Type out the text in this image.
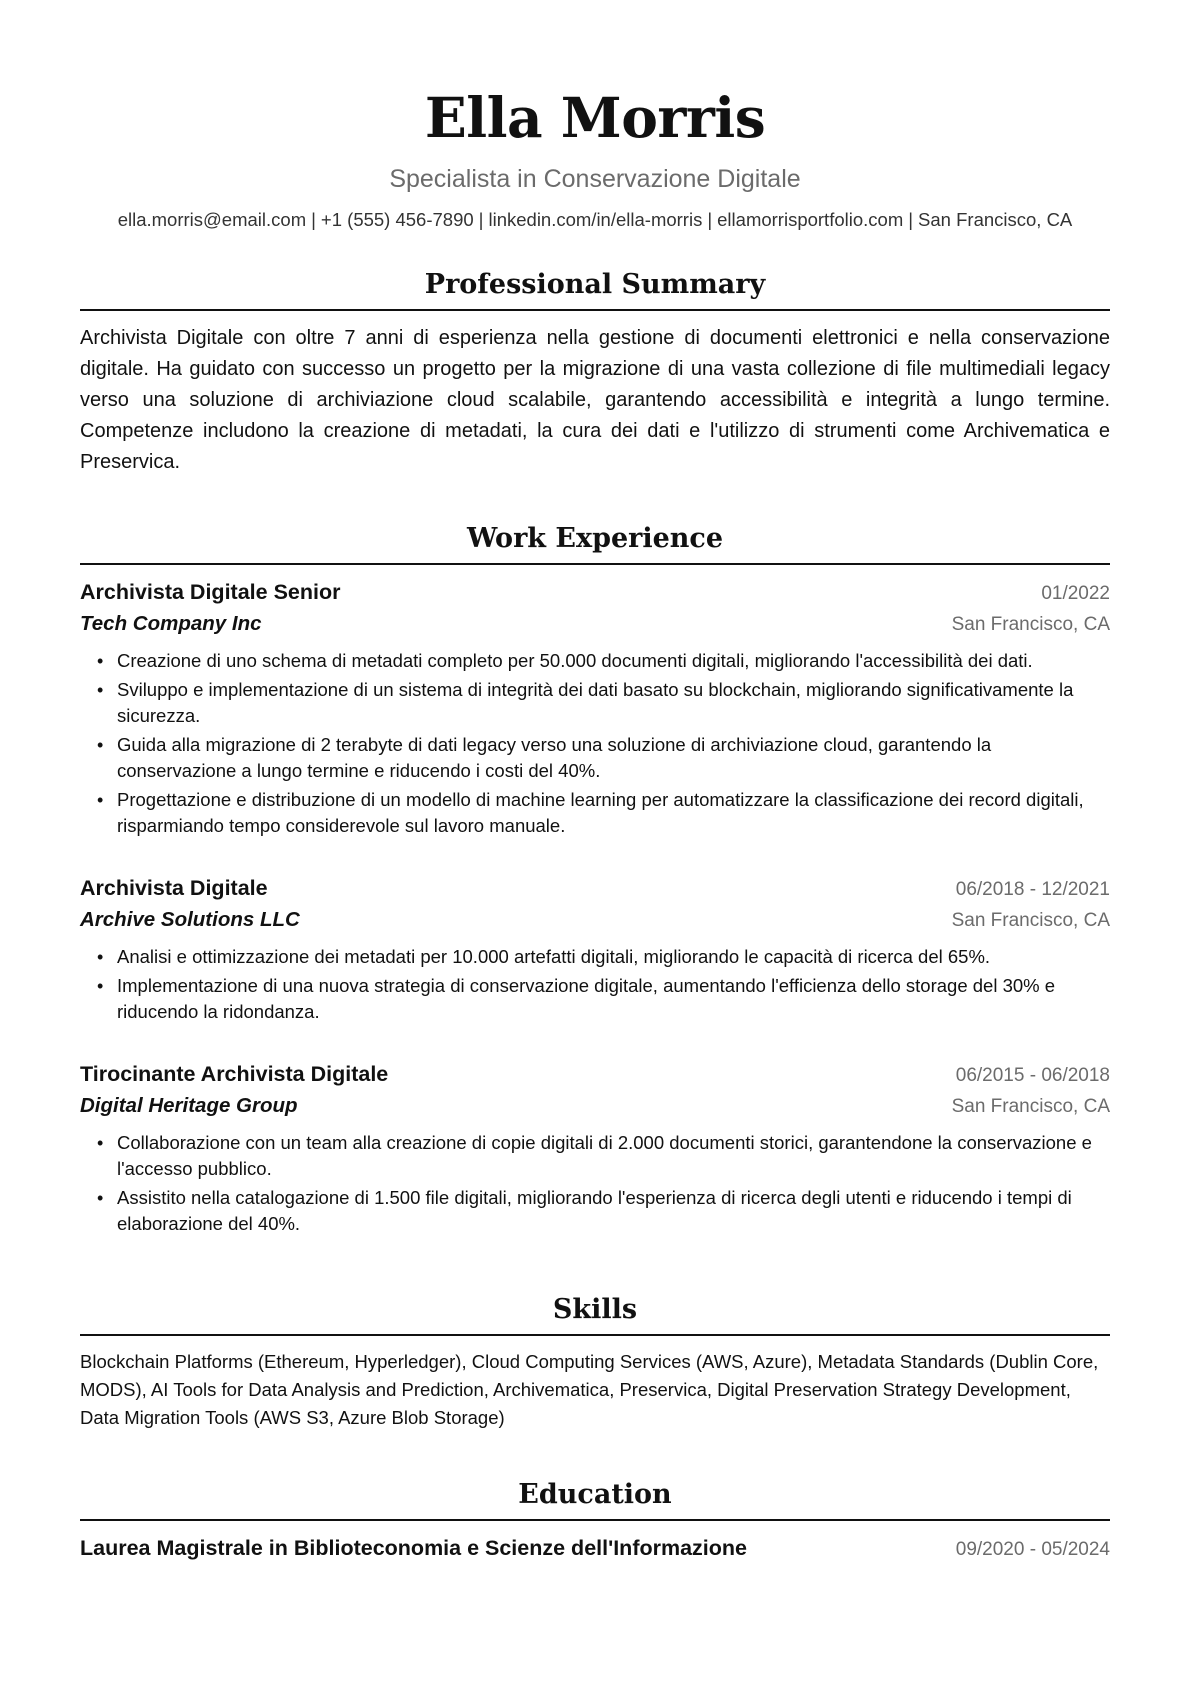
Ella Morris
Specialista in Conservazione Digitale
ella.morris@email.com | +1 (555) 456-7890 | linkedin.com/in/ella-morris | ellamorrisportfolio.com | San Francisco, CA
Professional Summary

Archivista Digitale con oltre 7 anni di esperienza nella gestione di documenti elettronici e nella conservazione digitale. Ha guidato con successo un progetto per la migrazione di una vasta collezione di file multimediali legacy verso una soluzione di archiviazione cloud scalabile, garantendo accessibilità e integrità a lungo termine. Competenze includono la creazione di metadati, la cura dei dati e l'utilizzo di strumenti come Archivematica e Preservica.

Work Experience
Archivista Digitale Senior	01/2022
Tech Company Inc	San Francisco, CA
• Creazione di uno schema di metadati completo per 50.000 documenti digitali, migliorando l'accessibilità dei dati.
• Sviluppo e implementazione di un sistema di integrità dei dati basato su blockchain, migliorando significativamente la sicurezza.
• Guida alla migrazione di 2 terabyte di dati legacy verso una soluzione di archiviazione cloud, garantendo la conservazione a lungo termine e riducendo i costi del 40%.
• Progettazione e distribuzione di un modello di machine learning per automatizzare la classificazione dei record digitali, risparmiando tempo considerevole sul lavoro manuale.
Archivista Digitale	06/2018 - 12/2021
Archive Solutions LLC	San Francisco, CA
• Analisi e ottimizzazione dei metadati per 10.000 artefatti digitali, migliorando le capacità di ricerca del 65%.
• Implementazione di una nuova strategia di conservazione digitale, aumentando l'efficienza dello storage del 30% e riducendo la ridondanza.
Tirocinante Archivista Digitale	06/2015 - 06/2018
Digital Heritage Group	San Francisco, CA
• Collaborazione con un team alla creazione di copie digitali di 2.000 documenti storici, garantendone la conservazione e l'accesso pubblico.
• Assistito nella catalogazione di 1.500 file digitali, migliorando l'esperienza di ricerca degli utenti e riducendo i tempi di elaborazione del 40%.
Skills
Blockchain Platforms (Ethereum, Hyperledger), Cloud Computing Services (AWS, Azure), Metadata Standards (Dublin Core, MODS), AI Tools for Data Analysis and Prediction, Archivematica, Preservica, Digital Preservation Strategy Development, Data Migration Tools (AWS S3, Azure Blob Storage)
Education
Laurea Magistrale in Biblioteconomia e Scienze dell'Informazione	09/2020 - 05/2024
